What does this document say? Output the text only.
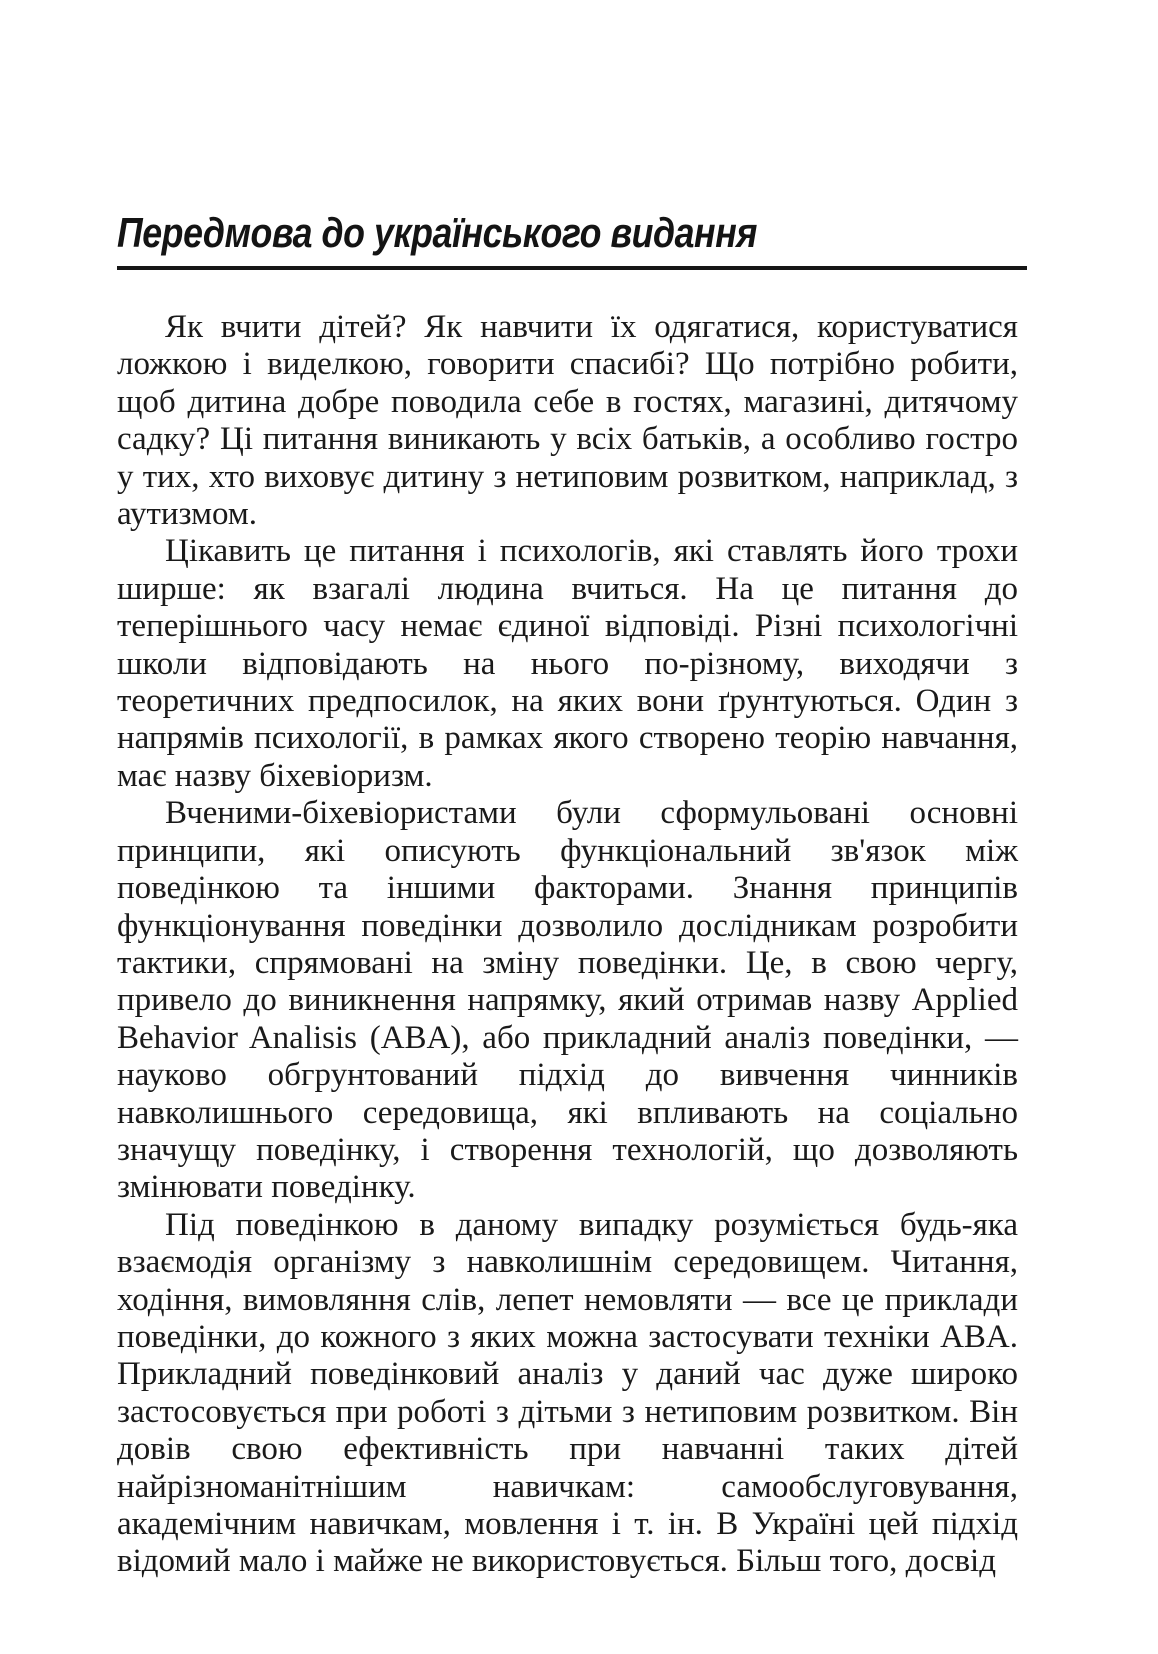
Передмова до українського видання

Як вчити дітей? Як навчити їх одягатися, користуватися ложкою і виделкою, говорити спасибі? Що потрібно робити, щоб дитина добре поводила себе в гостях, магазині, дитячому садку? Ці питання виникають у всіх батьків, а особливо гостро у тих, хто виховує дитину з нетиповим розвитком, наприклад, з аутизмом.

Цікавить це питання і психологів, які ставлять його трохи ширше: як взагалі людина вчиться. На це питання до теперішнього часу немає єдиної відповіді. Різні психологічні школи відповідають на нього по-різному, виходячи з теоретичних предпосилок, на яких вони ґрунтуються. Один з напрямів психології, в рамках якого створено теорію навчання, має назву біхевіоризм.

Вченими-біхевіористами були сформульовані основні принципи, які описують функціональний зв'язок між поведінкою та іншими факторами. Знання принципів функціонування поведінки дозволило дослідникам розробити тактики, спрямовані на зміну поведінки. Це, в свою чергу, привело до виникнення напрямку, який отримав назву Applied Behavior Analisis (ABA), або прикладний аналіз поведінки, — науково обгрунтований підхід до вивчення чинників навколишнього середовища, які впливають на соціально значущу поведінку, і створення технологій, що дозволяють змінювати поведінку.

Під поведінкою в даному випадку розуміється будь-яка взаємодія організму з навколишнім середовищем. Читання, ходіння, вимовляння слів, лепет немовляти — все це приклади поведінки, до кожного з яких можна застосувати техніки ABA. Прикладний поведінковий аналіз у даний час дуже широко застосовується при роботі з дітьми з нетиповим розвитком. Він довів свою ефективність при навчанні таких дітей найрізноманітнішим навичкам: самообслуговування, академічним навичкам, мовлення і т. ін. В Україні цей підхід відомий мало і майже не використовується. Більш того, досвід
